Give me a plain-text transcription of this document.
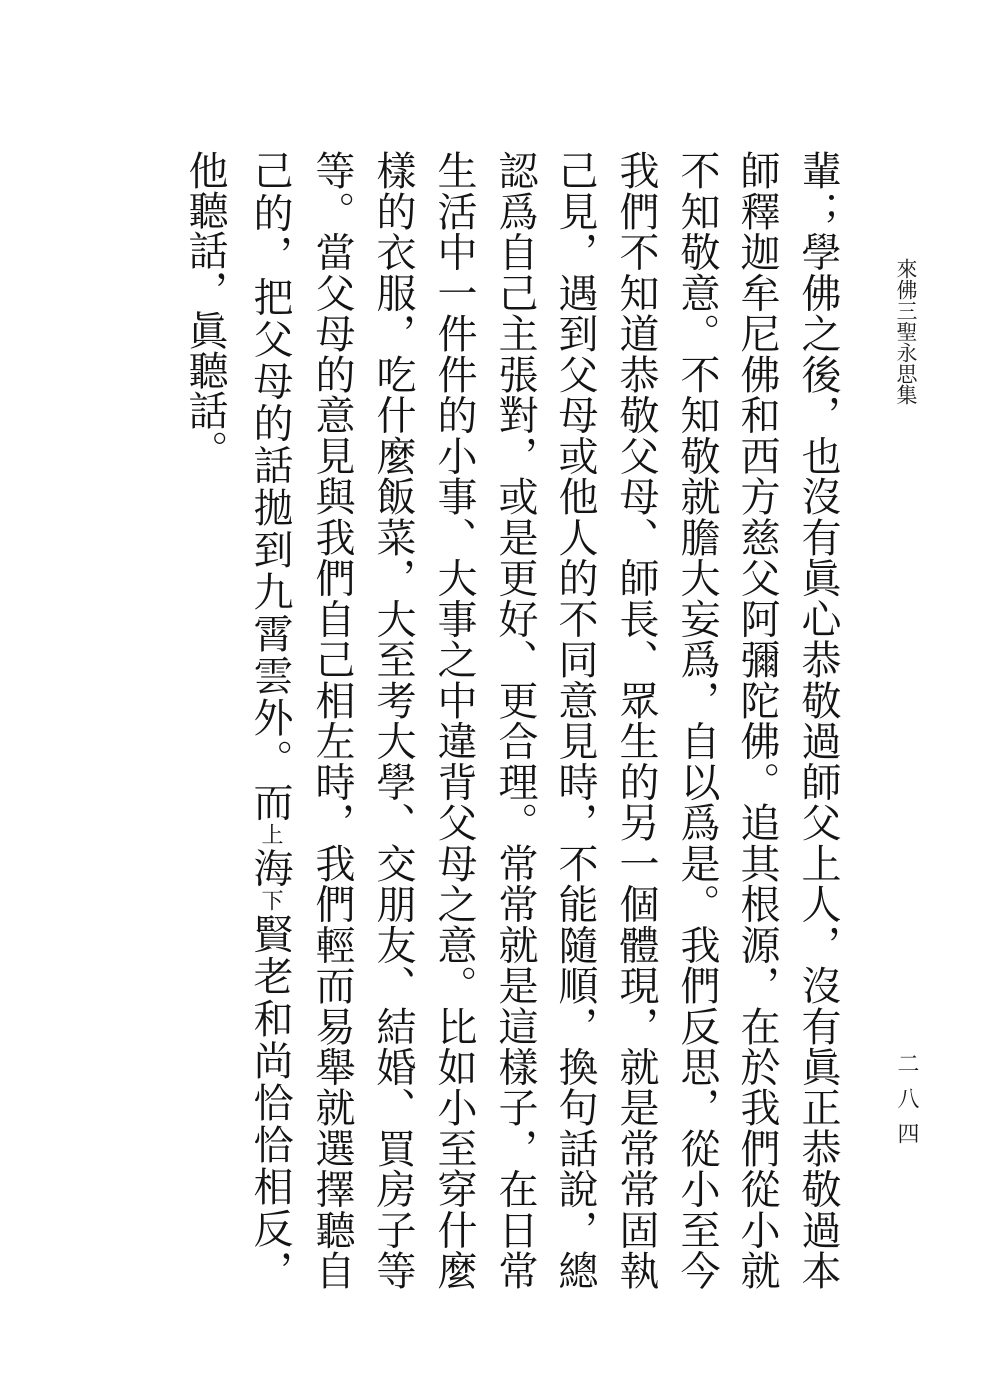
來佛三聖永思集
二八四
輩；學佛之後，也沒有眞心恭敬過師父上人，沒有眞正恭敬過本
師釋迦牟尼佛和西方慈父阿彌陀佛。追其根源，在於我們從小就
不知敬意。不知敬就膽大妄爲，自以爲是。我們反思，從小至今
我們不知道恭敬父母、師長、眾生的另一個體現，就是常常固執
己見，遇到父母或他人的不同意見時，不能隨順，換句話說，總
認爲自己主張對，或是更好、更合理。常常就是這樣子，在日常
生活中一件件的小事、大事之中違背父母之意。比如小至穿什麼
樣的衣服，吃什麼飯菜，大至考大學、交朋友、結婚、買房子等
等。當父母的意見與我們自己相左時，我們輕而易舉就選擇聽自
己的，把父母的話拋到九霄雲外。而上海下賢老和尚恰恰相反，
他聽話，眞聽話。
